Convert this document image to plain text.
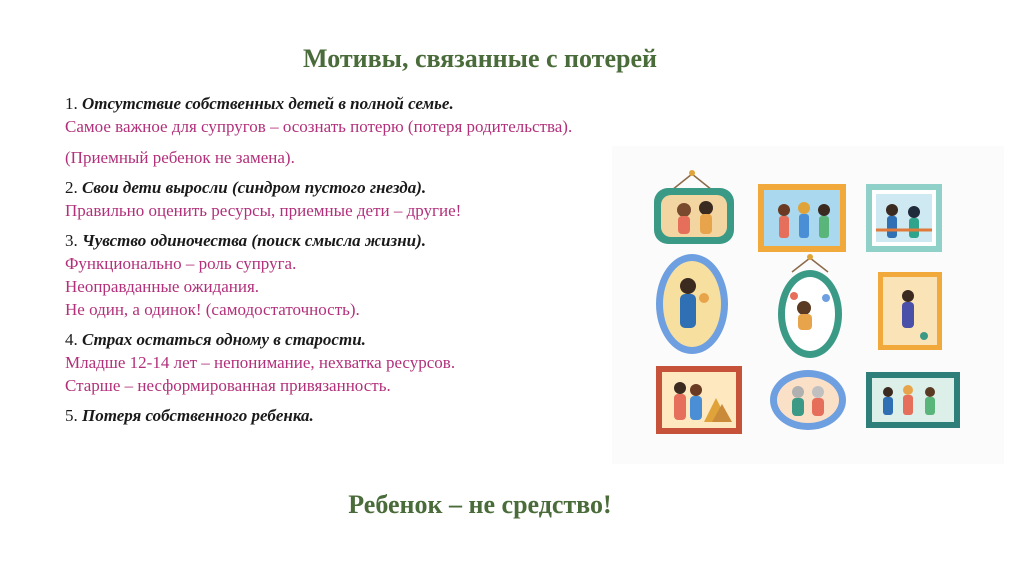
Мотивы, связанные с потерей
1. Отсутствие собственных детей в полной семье.
Самое важное для супругов – осознать потерю (потеря родительства).
(Приемный ребенок не замена).
2. Свои дети выросли (синдром пустого гнезда).
Правильно оценить ресурсы, приемные дети – другие!
3. Чувство одиночества (поиск смысла жизни).
Функционально – роль супруга.
Неоправданные ожидания.
Не один, а одинок! (самодостаточность).
4. Страх остаться одному в старости.
Младше 12-14 лет – непонимание, нехватка ресурсов.
Старше – несформированная привязанность.
5. Потеря собственного ребенка.
Ребенок – не средство!
